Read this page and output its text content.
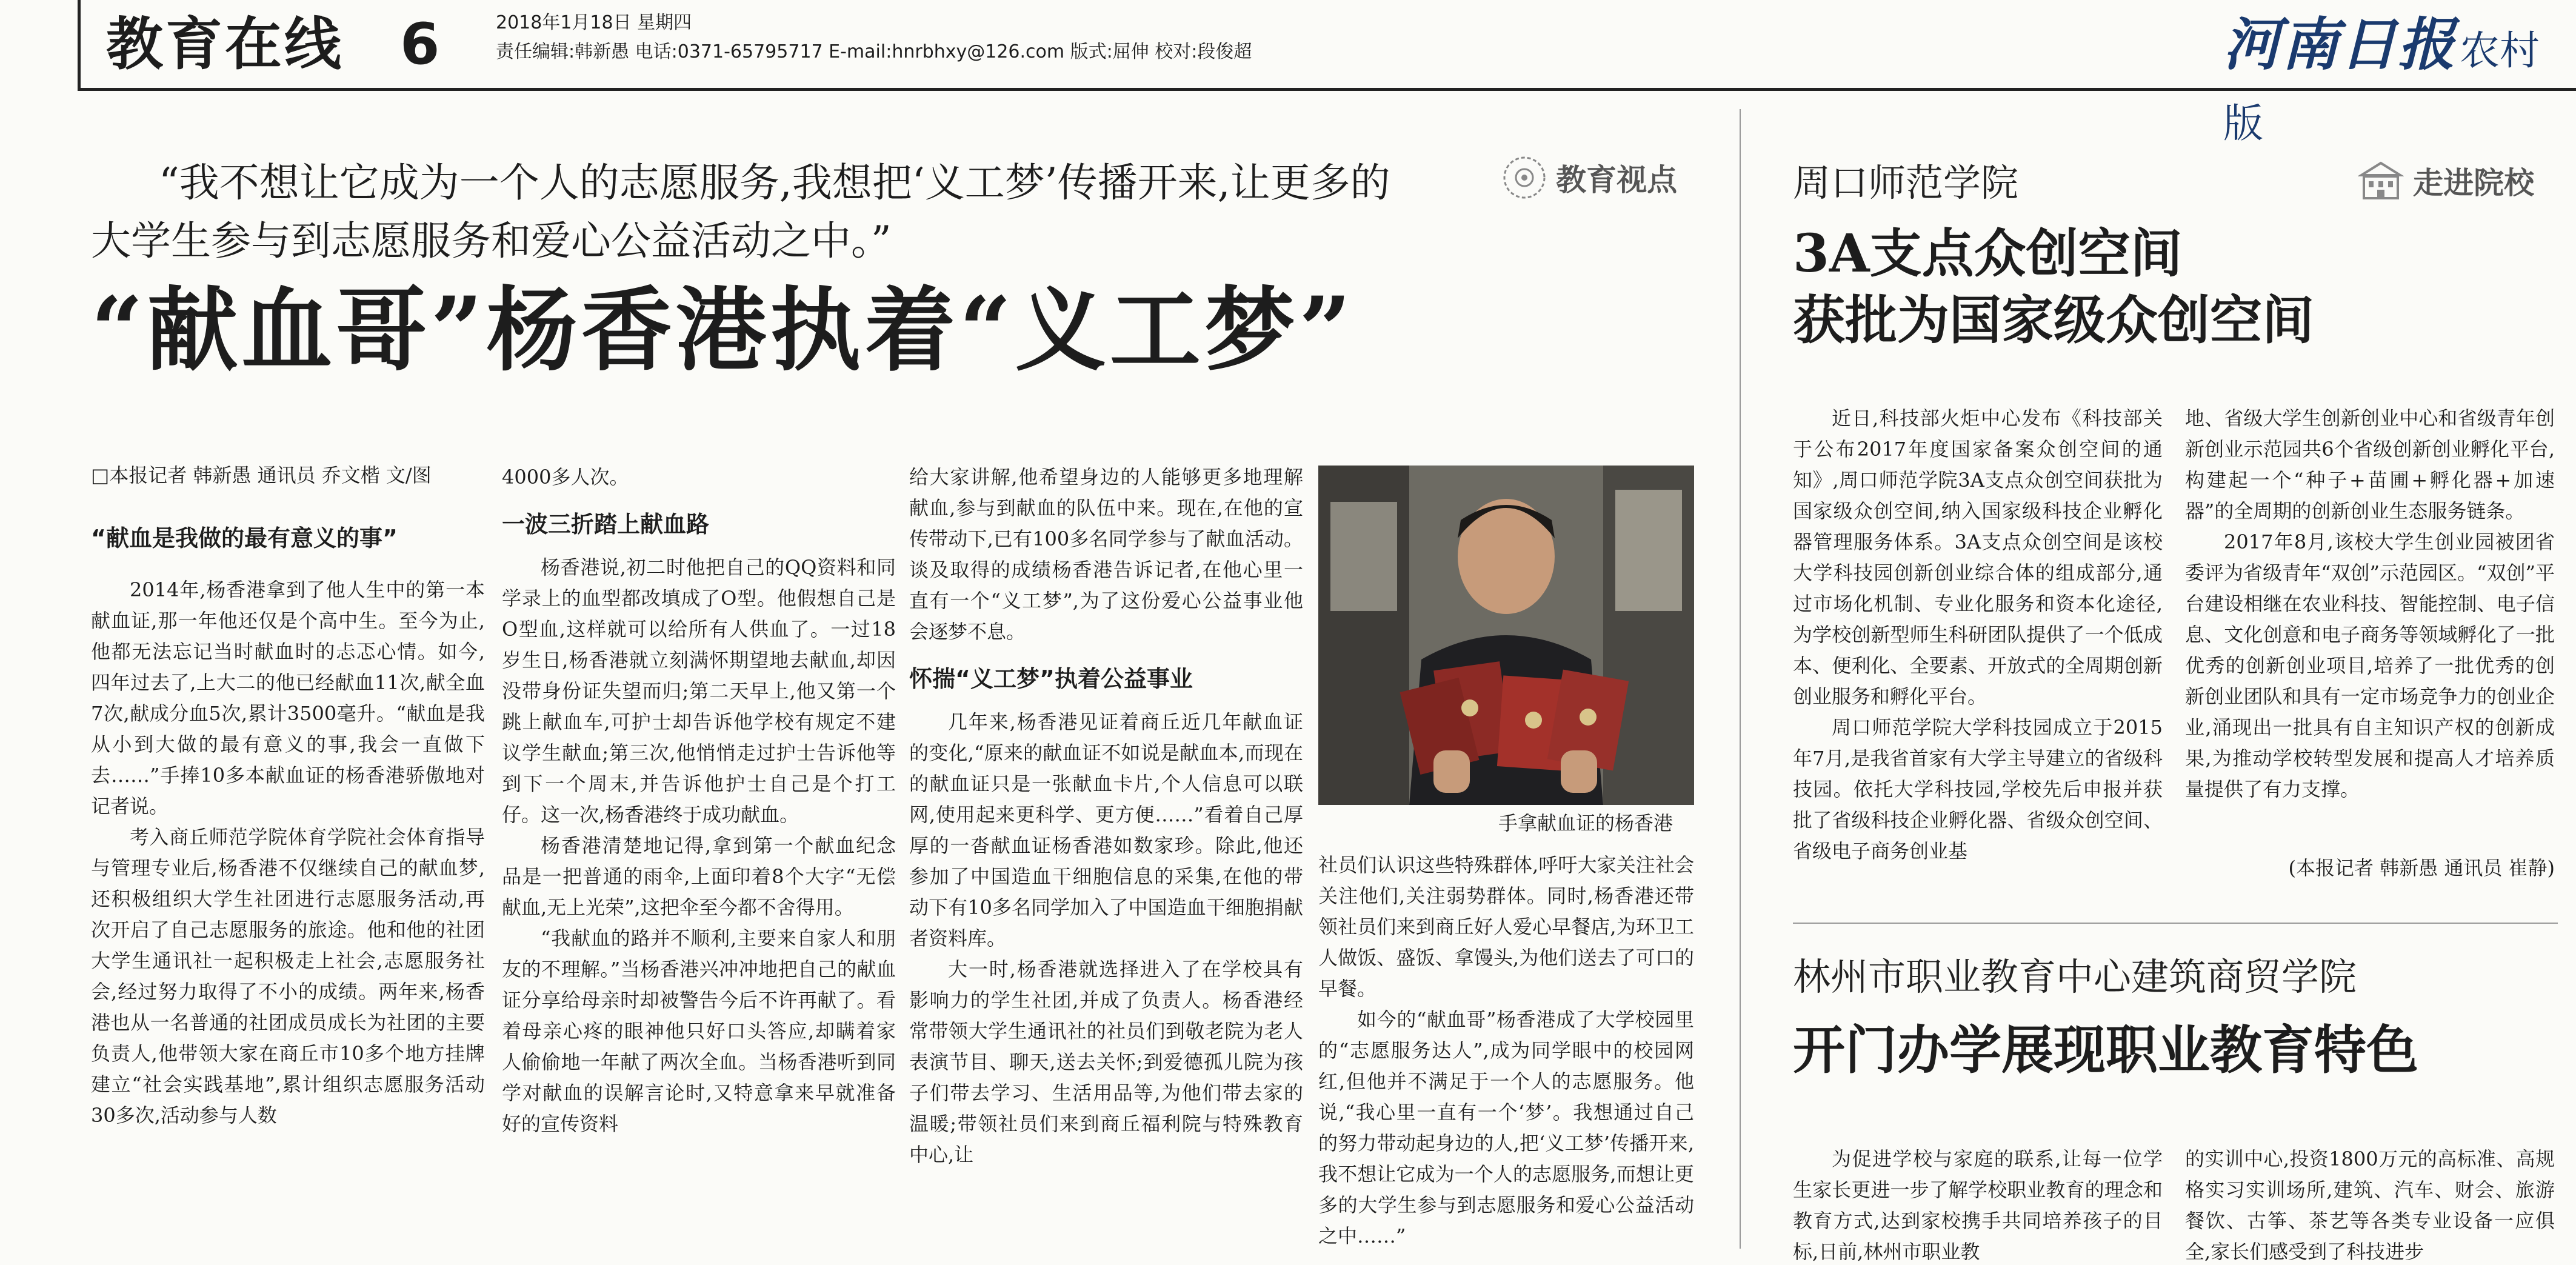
教育在线 6	2018年1月18日 星期四
责任编辑:韩新愚 电话:0371-65795717 E-mail:hnrbhxy@126.com 版式:屈伸 校对:段俊超	河南日报农村版
“我不想让它成为一个人的志愿服务,我想把‘义工梦’传播开来,让更多的大学生参与到志愿服务和爱心公益活动之中。”
教育视点
“献血哥”杨香港执着“义工梦”
□本报记者 韩新愚 通讯员 乔文楷 文/图
“献血是我做的最有意义的事”

2014年,杨香港拿到了他人生中的第一本献血证,那一年他还仅是个高中生。至今为止,他都无法忘记当时献血时的忐忑心情。如今,四年过去了,上大二的他已经献血11次,献全血7次,献成分血5次,累计3500毫升。“献血是我从小到大做的最有意义的事,我会一直做下去……”手捧10多本献血证的杨香港骄傲地对记者说。

考入商丘师范学院体育学院社会体育指导与管理专业后,杨香港不仅继续自己的献血梦,还积极组织大学生社团进行志愿服务活动,再次开启了自己志愿服务的旅途。他和他的社团大学生通讯社一起积极走上社会,志愿服务社会,经过努力取得了不小的成绩。两年来,杨香港也从一名普通的社团成员成长为社团的主要负责人,他带领大家在商丘市10多个地方挂牌建立“社会实践基地”,累计组织志愿服务活动30多次,活动参与人数

4000多人次。

一波三折踏上献血路

杨香港说,初二时他把自己的QQ资料和同学录上的血型都改填成了O型。他假想自己是O型血,这样就可以给所有人供血了。一过18岁生日,杨香港就立刻满怀期望地去献血,却因没带身份证失望而归;第二天早上,他又第一个跳上献血车,可护士却告诉他学校有规定不建议学生献血;第三次,他悄悄走过护士告诉他等到下一个周末,并告诉他护士自己是个打工仔。这一次,杨香港终于成功献血。

杨香港清楚地记得,拿到第一个献血纪念品是一把普通的雨伞,上面印着8个大字“无偿献血,无上光荣”,这把伞至今都不舍得用。

“我献血的路并不顺利,主要来自家人和朋友的不理解。”当杨香港兴冲冲地把自己的献血证分享给母亲时却被警告今后不许再献了。看着母亲心疼的眼神他只好口头答应,却瞒着家人偷偷地一年献了两次全血。当杨香港听到同学对献血的误解言论时,又特意拿来早就准备好的宣传资料

给大家讲解,他希望身边的人能够更多地理解献血,参与到献血的队伍中来。现在,在他的宣传带动下,已有100多名同学参与了献血活动。谈及取得的成绩杨香港告诉记者,在他心里一直有一个“义工梦”,为了这份爱心公益事业他会逐梦不息。

怀揣“义工梦”执着公益事业

几年来,杨香港见证着商丘近几年献血证的变化,“原来的献血证不如说是献血本,而现在的献血证只是一张献血卡片,个人信息可以联网,使用起来更科学、更方便……”看着自己厚厚的一沓献血证杨香港如数家珍。除此,他还参加了中国造血干细胞信息的采集,在他的带动下有10多名同学加入了中国造血干细胞捐献者资料库。

大一时,杨香港就选择进入了在学校具有影响力的学生社团,并成了负责人。杨香港经常带领大学生通讯社的社员们到敬老院为老人表演节目、聊天,送去关怀;到爱德孤儿院为孩子们带去学习、生活用品等,为他们带去家的温暖;带领社员们来到商丘福利院与特殊教育中心,让

手拿献血证的杨香港

社员们认识这些特殊群体,呼吁大家关注社会关注他们,关注弱势群体。同时,杨香港还带领社员们来到商丘好人爱心早餐店,为环卫工人做饭、盛饭、拿馒头,为他们送去了可口的早餐。

如今的“献血哥”杨香港成了大学校园里的“志愿服务达人”,成为同学眼中的校园网红,但他并不满足于一个人的志愿服务。他说,“我心里一直有一个‘梦’。我想通过自己的努力带动起身边的人,把‘义工梦’传播开来,我不想让它成为一个人的志愿服务,而想让更多的大学生参与到志愿服务和爱心公益活动之中……”

周口师范学院	走进院校
3A支点众创空间
获批为国家级众创空间

近日,科技部火炬中心发布《科技部关于公布2017年度国家备案众创空间的通知》,周口师范学院3A支点众创空间获批为国家级众创空间,纳入国家级科技企业孵化器管理服务体系。3A支点众创空间是该校大学科技园创新创业综合体的组成部分,通过市场化机制、专业化服务和资本化途径,为学校创新型师生科研团队提供了一个低成本、便利化、全要素、开放式的全周期创新创业服务和孵化平台。

周口师范学院大学科技园成立于2015年7月,是我省首家有大学主导建立的省级科技园。依托大学科技园,学校先后申报并获批了省级科技企业孵化器、省级众创空间、省级电子商务创业基

地、省级大学生创新创业中心和省级青年创新创业示范园共6个省级创新创业孵化平台,构建起一个“种子+苗圃+孵化器+加速器”的全周期的创新创业生态服务链条。

2017年8月,该校大学生创业园被团省委评为省级青年“双创”示范园区。“双创”平台建设相继在农业科技、智能控制、电子信息、文化创意和电子商务等领域孵化了一批优秀的创新创业项目,培养了一批优秀的创新创业团队和具有一定市场竞争力的创业企业,涌现出一批具有自主知识产权的创新成果,为推动学校转型发展和提高人才培养质量提供了有力支撑。

(本报记者 韩新愚 通讯员 崔静)
林州市职业教育中心建筑商贸学院
开门办学展现职业教育特色

为促进学校与家庭的联系,让每一位学生家长更进一步了解学校职业教育的理念和教育方式,达到家校携手共同培养孩子的目标,日前,林州市职业教

的实训中心,投资1800万元的高标准、高规格实习实训场所,建筑、汽车、财会、旅游餐饮、古筝、茶艺等各类专业设备一应俱全,家长们感受到了科技进步
